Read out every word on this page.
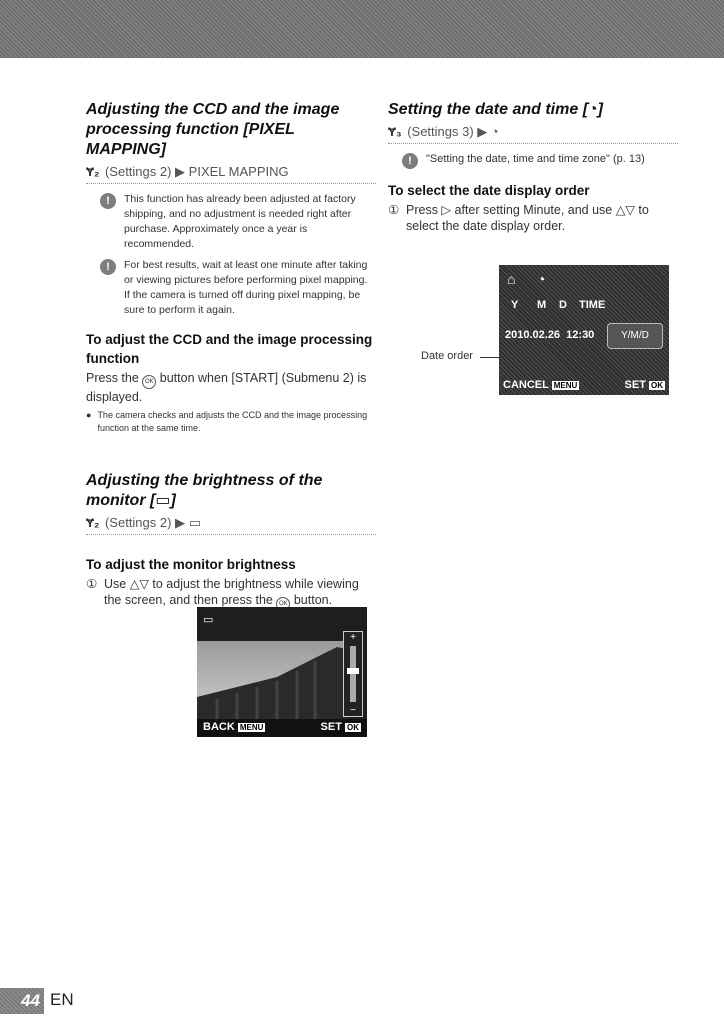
Adjusting the CCD and the image processing function [PIXEL MAPPING]
Ɏ₂ (Settings 2) ▶ PIXEL MAPPING
!	This function has already been adjusted at factory shipping, and no adjustment is needed right after purchase. Approximately once a year is recommended.
!	For best results, wait at least one minute after taking or viewing pictures before performing pixel mapping. If the camera is turned off during pixel mapping, be sure to perform it again.
To adjust the CCD and the image processing function

Press the OK button when [START] (Submenu 2) is displayed.

● The camera checks and adjusts the CCD and the image processing function at the same time.
Adjusting the brightness of the monitor [▭]
Ɏ₂ (Settings 2) ▶ ▭
To adjust the monitor brightness
① Use △▽ to adjust the brightness while viewing the screen, and then press the OK button.
▭
+
−
BACK MENU	SET OK
Setting the date and time [◔]
Ɏ₃ (Settings 3) ▶ ◔
!	"Setting the date, time and time zone" (p. 13)
To select the date display order
① Press ▷ after setting Minute, and use △▽ to select the date display order.
⌂ ◔
Y M D TIME
2010.02.26  12:30	Y/M/D
CANCEL MENU	SET OK
Date order
44 EN
